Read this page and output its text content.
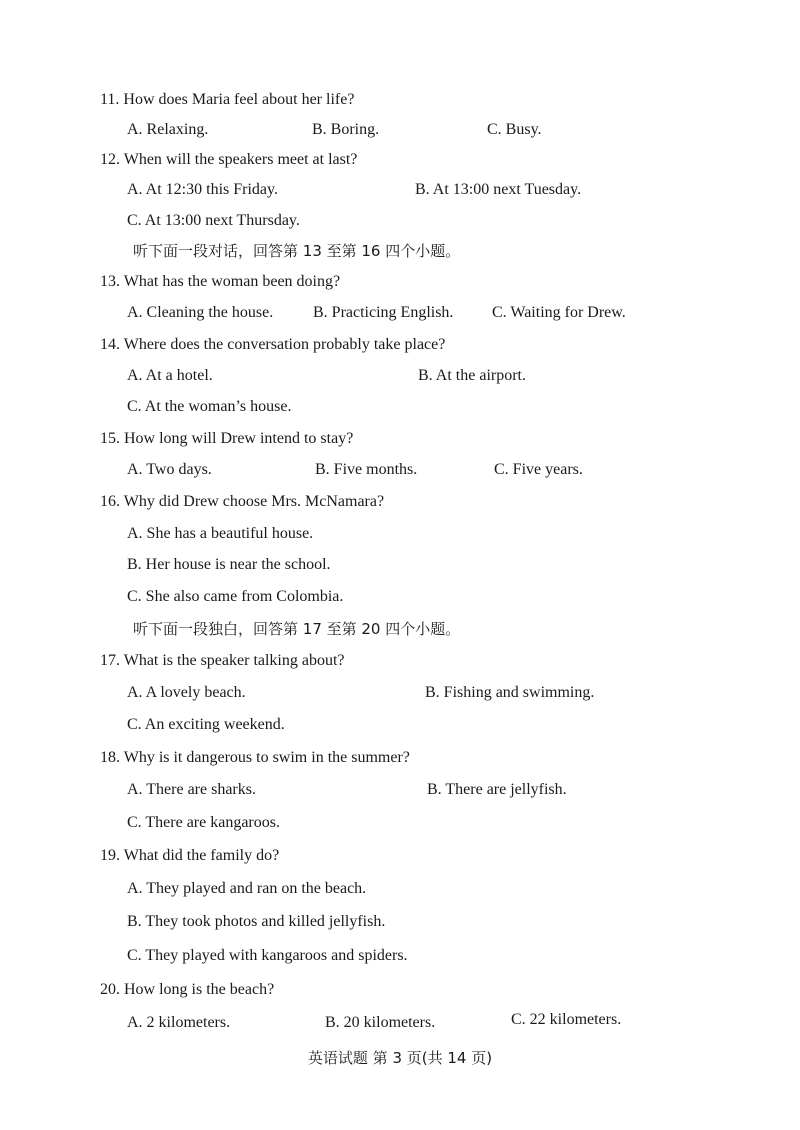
11. How does Maria feel about her life?
A. Relaxing.	B. Boring.	C. Busy.
12. When will the speakers meet at last?
A. At 12:30 this Friday.	B. At 13:00 next Tuesday.
C. At 13:00 next Thursday.
听下面一段对话，回答第 13 至第 16 四个小题。
13. What has the woman been doing?
A. Cleaning the house. B. Practicing English. C. Waiting for Drew.
14. Where does the conversation probably take place?
A. At a hotel.	B. At the airport.
C. At the woman’s house.
15. How long will Drew intend to stay?
A. Two days.	B. Five months.	C. Five years.
16. Why did Drew choose Mrs. McNamara?
A. She has a beautiful house.
B. Her house is near the school.
C. She also came from Colombia.
听下面一段独白，回答第 17 至第 20 四个小题。
17. What is the speaker talking about?
A. A lovely beach.	B. Fishing and swimming.
C. An exciting weekend.
18. Why is it dangerous to swim in the summer?
A. There are sharks.	B. There are jellyfish.
C. There are kangaroos.
19. What did the family do?
A. They played and ran on the beach.
B. They took photos and killed jellyfish.
C. They played with kangaroos and spiders.
20. How long is the beach?
A. 2 kilometers.	B. 20 kilometers.	C. 22 kilometers.
英语试题 第 3 页(共 14 页)
